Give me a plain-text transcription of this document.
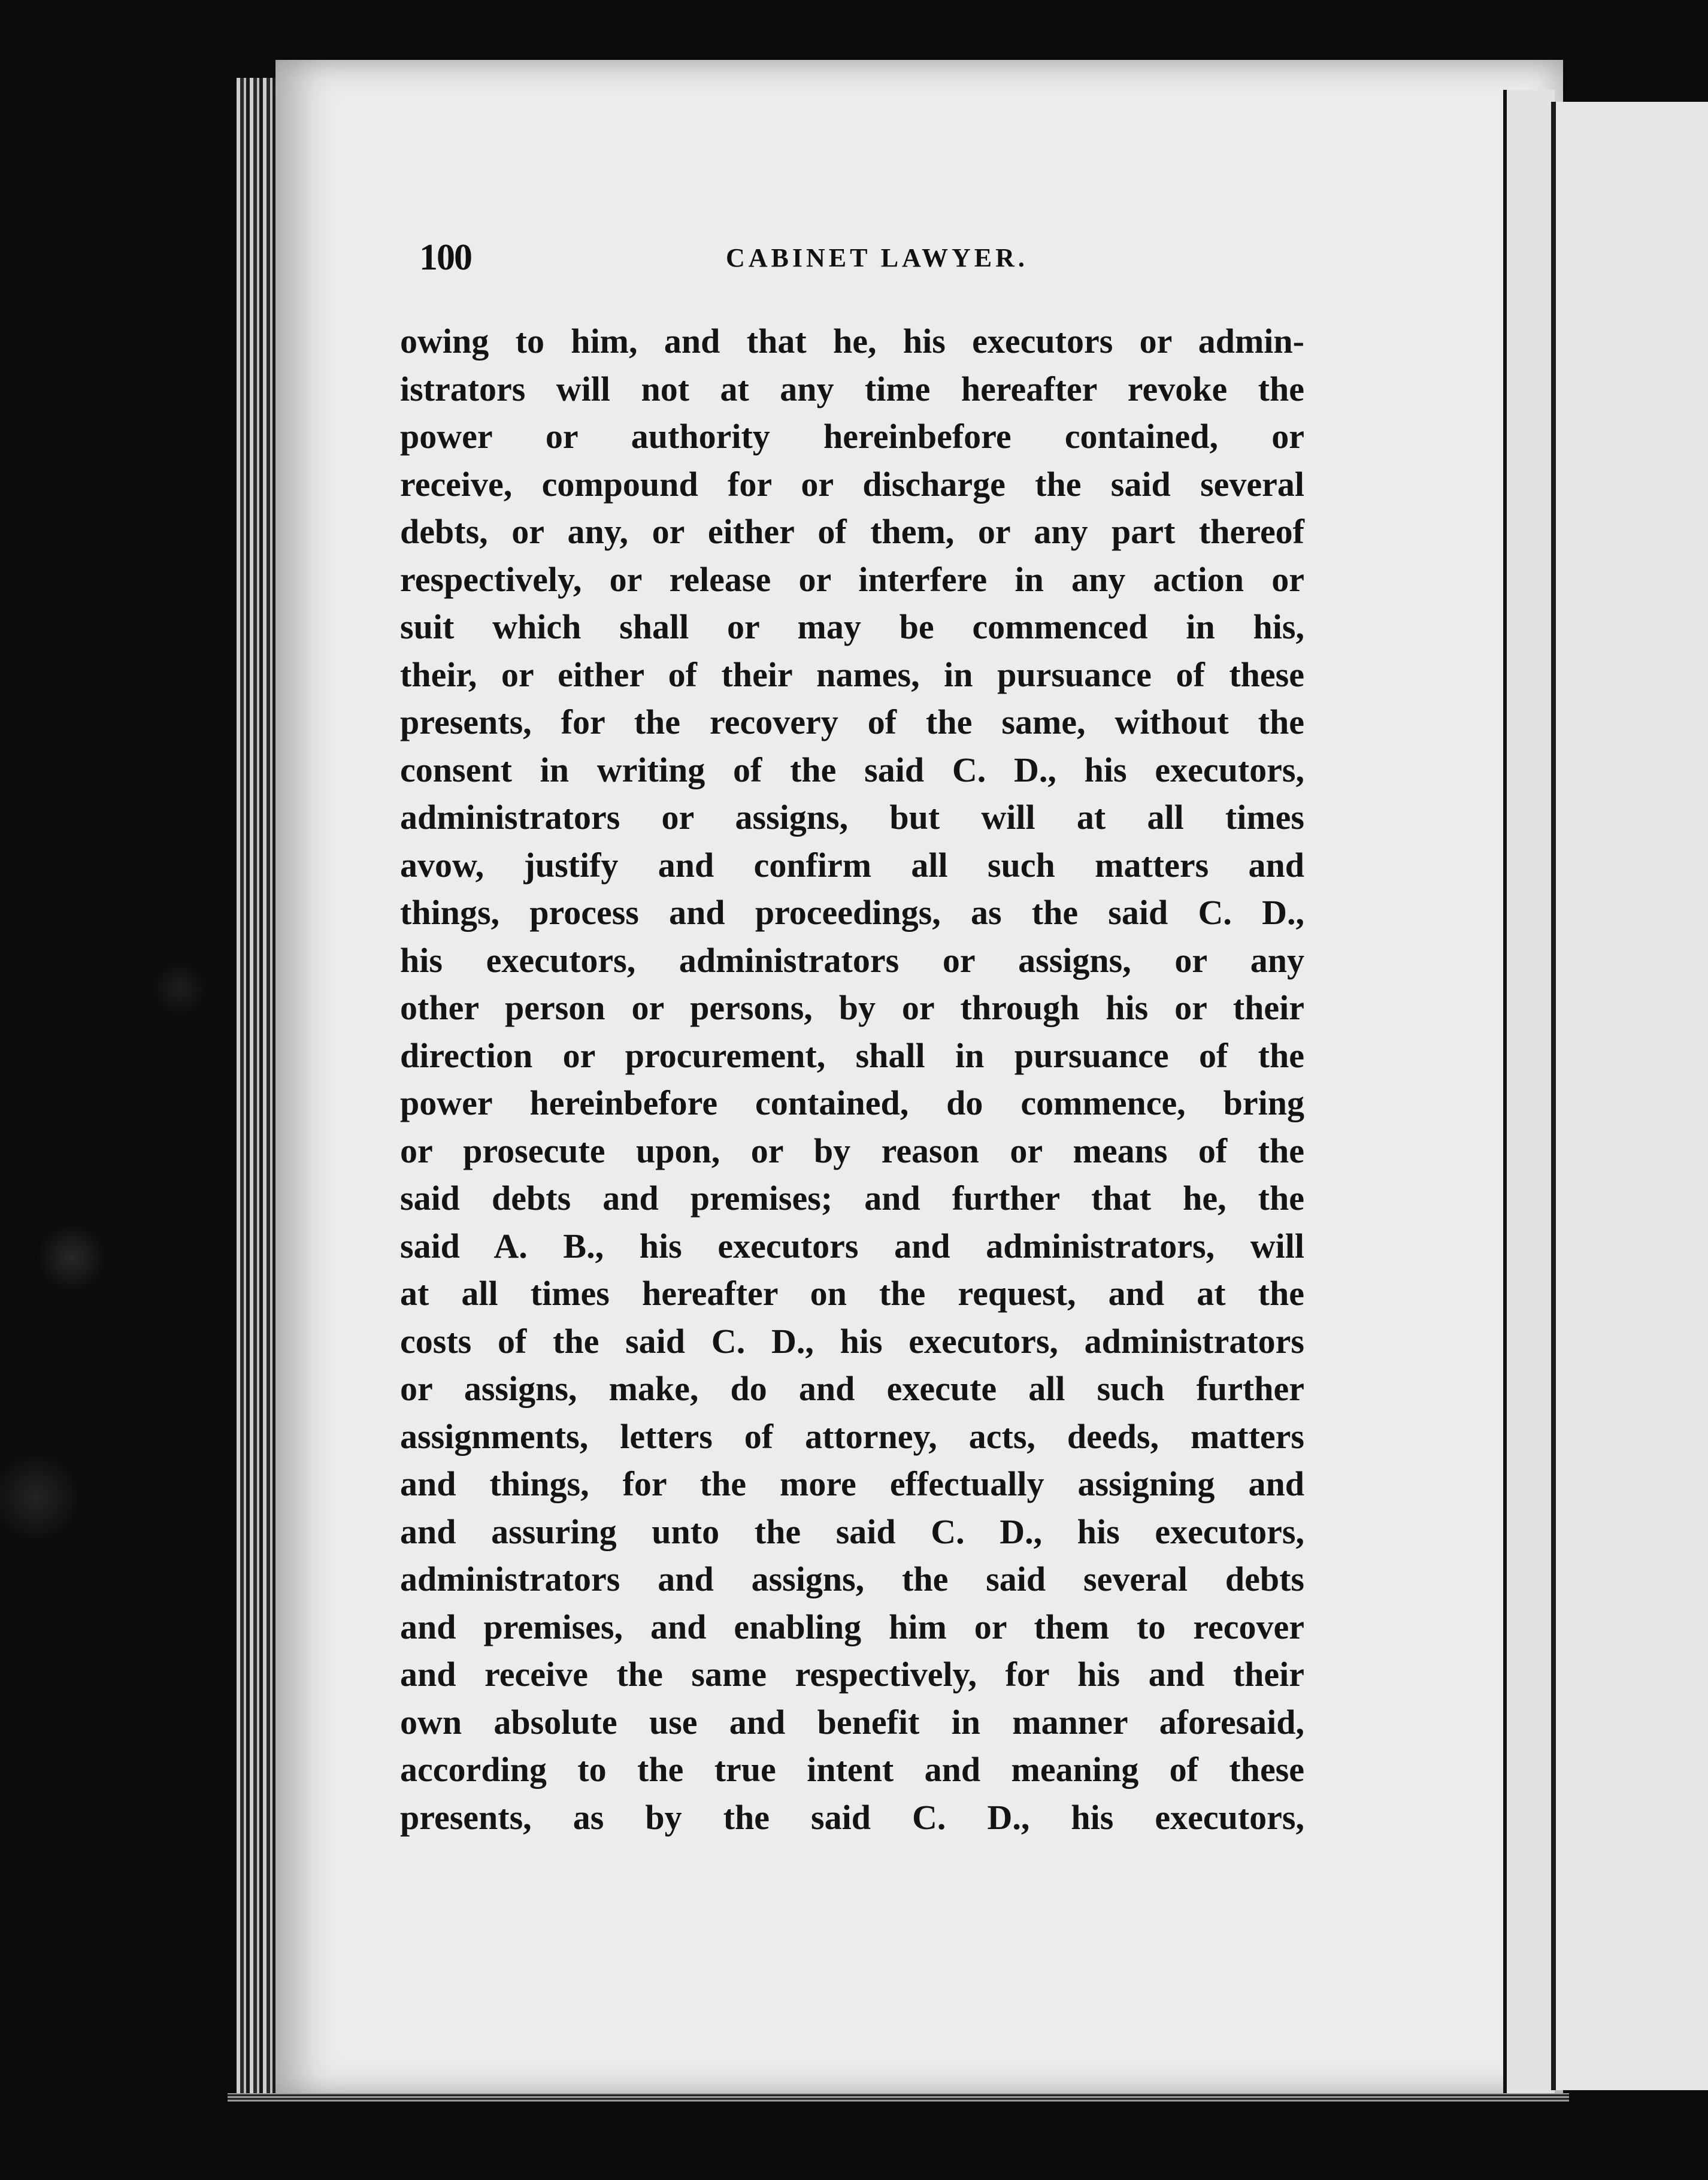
100	CABINET LAWYER.
owing to him, and that he, his executors or admin-
istrators will not at any time hereafter revoke the
power or authority hereinbefore contained, or
receive, compound for or discharge the said several
debts, or any, or either of them, or any part thereof
respectively, or release or interfere in any action or
suit which shall or may be commenced in his,
their, or either of their names, in pursuance of these
presents, for the recovery of the same, without the
consent in writing of the said C. D., his executors,
administrators or assigns, but will at all times
avow, justify and confirm all such matters and
things, process and proceedings, as the said C. D.,
his executors, administrators or assigns, or any
other person or persons, by or through his or their
direction or procurement, shall in pursuance of the
power hereinbefore contained, do commence, bring
or prosecute upon, or by reason or means of the
said debts and premises; and further that he, the
said A. B., his executors and administrators, will
at all times hereafter on the request, and at the
costs of the said C. D., his executors, administrators
or assigns, make, do and execute all such further
assignments, letters of attorney, acts, deeds, matters
and things, for the more effectually assigning and
and assuring unto the said C. D., his executors,
administrators and assigns, the said several debts
and premises, and enabling him or them to recover
and receive the same respectively, for his and their
own absolute use and benefit in manner aforesaid,
according to the true intent and meaning of these
presents, as by the said C. D., his executors,
